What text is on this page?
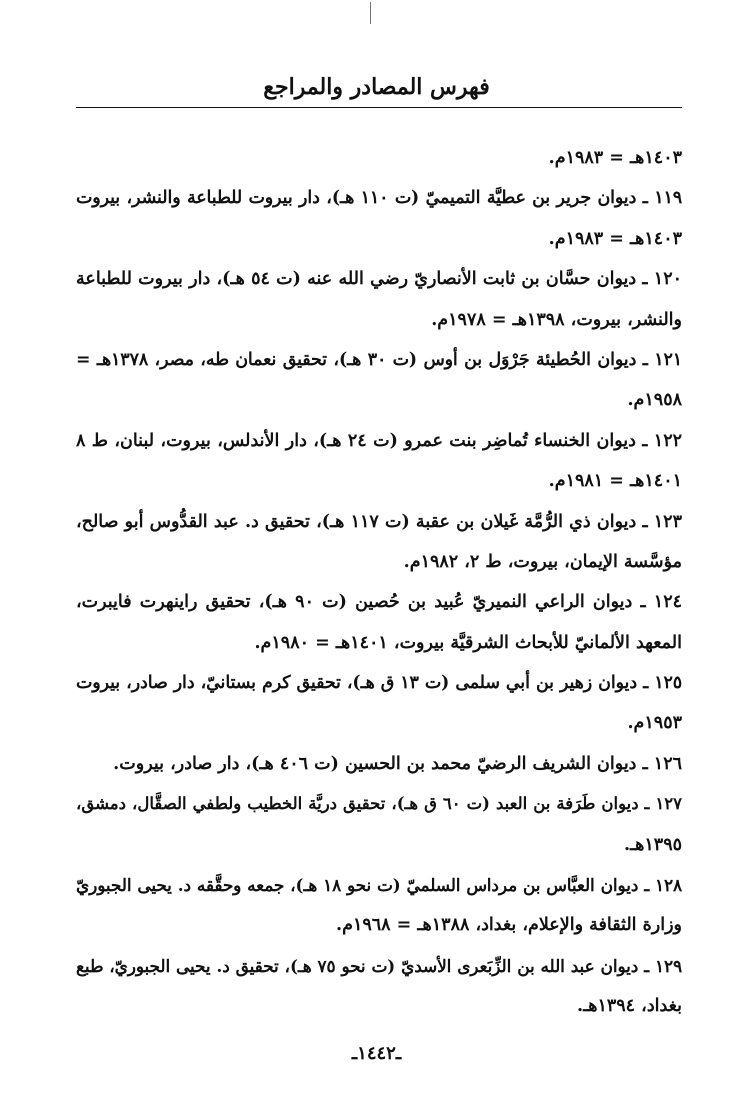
فهرس المصادر والمراجع
١٤٠٣هـ = ١٩٨٣م.
١١٩ ـ ديوان جرير بن عطيَّة التميميّ (ت ١١٠ هـ)، دار بيروت للطباعة والنشر، بيروت
١٤٠٣هـ = ١٩٨٣م.
١٢٠ ـ ديوان حسَّان بن ثابت الأنصاريّ رضي الله عنه (ت ٥٤ هـ)، دار بيروت للطباعة
والنشر، بيروت، ١٣٩٨هـ = ١٩٧٨م.
١٢١ ـ ديوان الحُطيئة جَرْوَل بن أوس (ت ٣٠ هـ)، تحقيق نعمان طه، مصر، ١٣٧٨هـ =
١٩٥٨م.
١٢٢ ـ ديوان الخنساء تُماضِر بنت عمرو (ت ٢٤ هـ)، دار الأندلس، بيروت، لبنان، ط ٨
١٤٠١هـ = ١٩٨١م.
١٢٣ ـ ديوان ذي الرُّمَّة غَيلان بن عقبة (ت ١١٧ هـ)، تحقيق د. عبد القدُّوس أبو صالح،
مؤسَّسة الإيمان، بيروت، ط ٢، ١٩٨٢م.
١٢٤ ـ ديوان الراعي النميريّ عُبيد بن حُصين (ت ٩٠ هـ)، تحقيق راينهرت فايبرت،
المعهد الألمانيّ للأبحاث الشرقيَّة بيروت، ١٤٠١هـ = ١٩٨٠م.
١٢٥ ـ ديوان زهير بن أبي سلمى (ت ١٣ ق هـ)، تحقيق كرم بستانيّ، دار صادر، بيروت
١٩٥٣م.
١٢٦ ـ ديوان الشريف الرضيّ محمد بن الحسين (ت ٤٠٦ هـ)، دار صادر، بيروت.
١٢٧ ـ ديوان طَرَفة بن العبد (ت ٦٠ ق هـ)، تحقيق دريَّة الخطيب ولطفي الصقَّال، دمشق،
١٣٩٥هـ.
١٢٨ ـ ديوان العبَّاس بن مرداس السلميّ (ت نحو ١٨ هـ)، جمعه وحقَّقه د. يحيى الجبوريّ
وزارة الثقافة والإعلام، بغداد، ١٣٨٨هـ = ١٩٦٨م.
١٢٩ ـ ديوان عبد الله بن الزِّبَعرى الأسديّ (ت نحو ٧٥ هـ)، تحقيق د. يحيى الجبوريّ، طبع
بغداد، ١٣٩٤هـ.
ـ١٤٤٢ـ
